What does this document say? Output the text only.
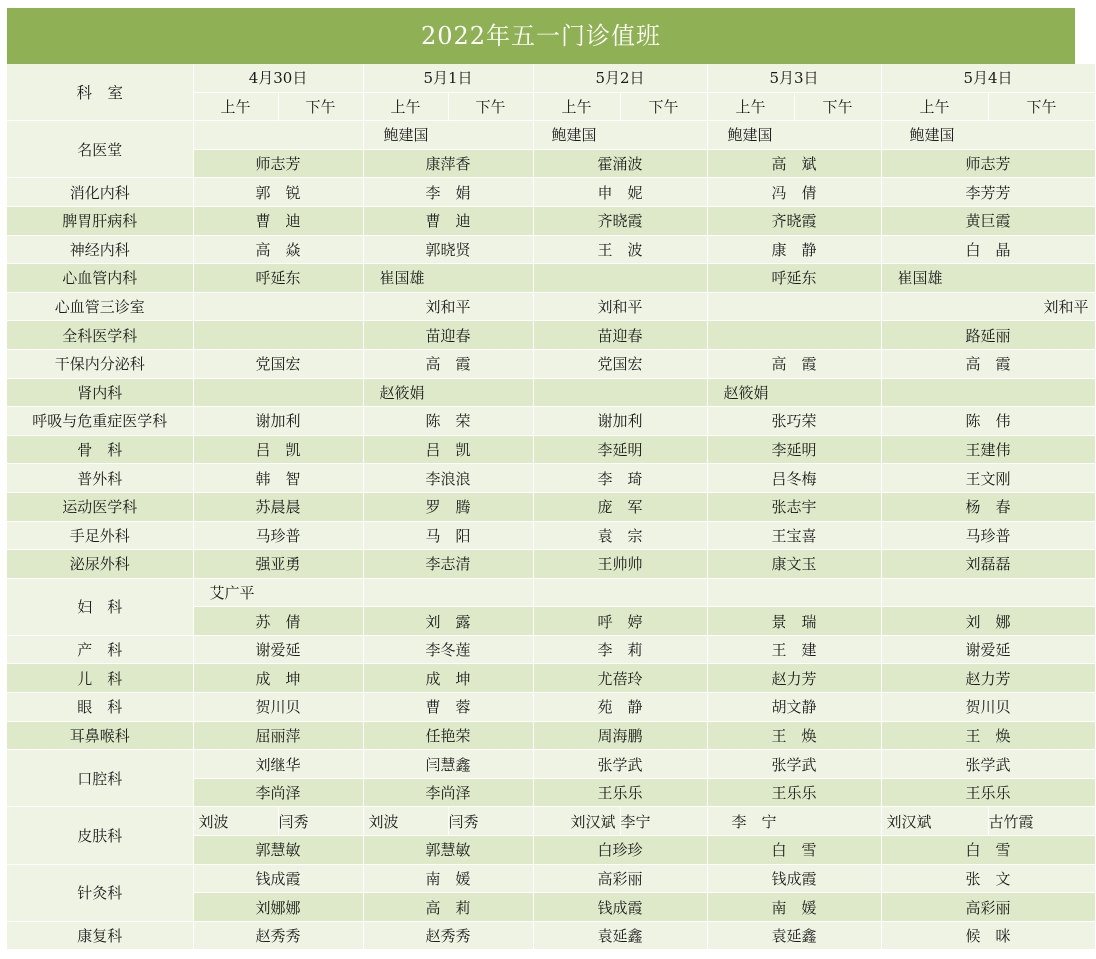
2022年五一门诊值班
科　室	4月30日		5月1日		5月2日		5月3日		5月4日	
	上午	下午	上午	下午	上午	下午	上午	下午	上午	下午
名医堂			鲍建国		鲍建国		鲍建国		鲍建国	
	师志芳		康萍香		霍涌波		高　斌		师志芳	
消化内科	郭　锐		李　娟		申　妮		冯　倩		李芳芳	
脾胃肝病科	曹　迪		曹　迪		齐晓霞		齐晓霞		黄巨霞	
神经内科	高　焱		郭晓贤		王　波		康　静		白　晶	
心血管内科	呼延东		崔国雄				呼延东		崔国雄	
心血管三诊室			刘和平		刘和平				刘和平	
全科医学科			苗迎春		苗迎春				路延丽	
干保内分泌科	党国宏		高　霞		党国宏		高　霞		高　霞	
肾内科			赵筱娟				赵筱娟			
呼吸与危重症医学科	谢加利		陈　荣		谢加利		张巧荣		陈　伟	
骨　科	吕　凯		吕　凯		李延明		李延明		王建伟	
普外科	韩　智		李浪浪		李　琦		吕冬梅		王文刚	
运动医学科	苏晨晨		罗　腾		庞　军		张志宇		杨　春	
手足外科	马珍普		马　阳		袁　宗		王宝喜		马珍普	
泌尿外科	强亚勇		李志清		王帅帅		康文玉		刘磊磊	
妇　科	艾广平									
	苏　倩		刘　露		呼　婷		景　瑞		刘　娜	
产　科	谢爱延		李冬莲		李　莉		王　建		谢爱延	
儿　科	成　坤		成　坤		尤蓓玲		赵力芳		赵力芳	
眼　科	贺川贝		曹　蓉		苑　静		胡文静		贺川贝	
耳鼻喉科	屈丽萍		任艳荣		周海鹏		王　焕		王　焕	
口腔科	刘继华		闫慧鑫		张学武		张学武		张学武	
	李尚泽		李尚泽		王乐乐		王乐乐		王乐乐	
皮肤科	刘波	闫秀	刘波	闫秀	刘汉斌	李宁	李　宁		刘汉斌	古竹霞
	郭慧敏		郭慧敏		白珍珍		白　雪		白　雪	
针灸科	钱成霞		南　媛		高彩丽		钱成霞		张　文	
	刘娜娜		高　莉		钱成霞		南　媛		高彩丽	
康复科	赵秀秀		赵秀秀		袁延鑫		袁延鑫		候　咪	
